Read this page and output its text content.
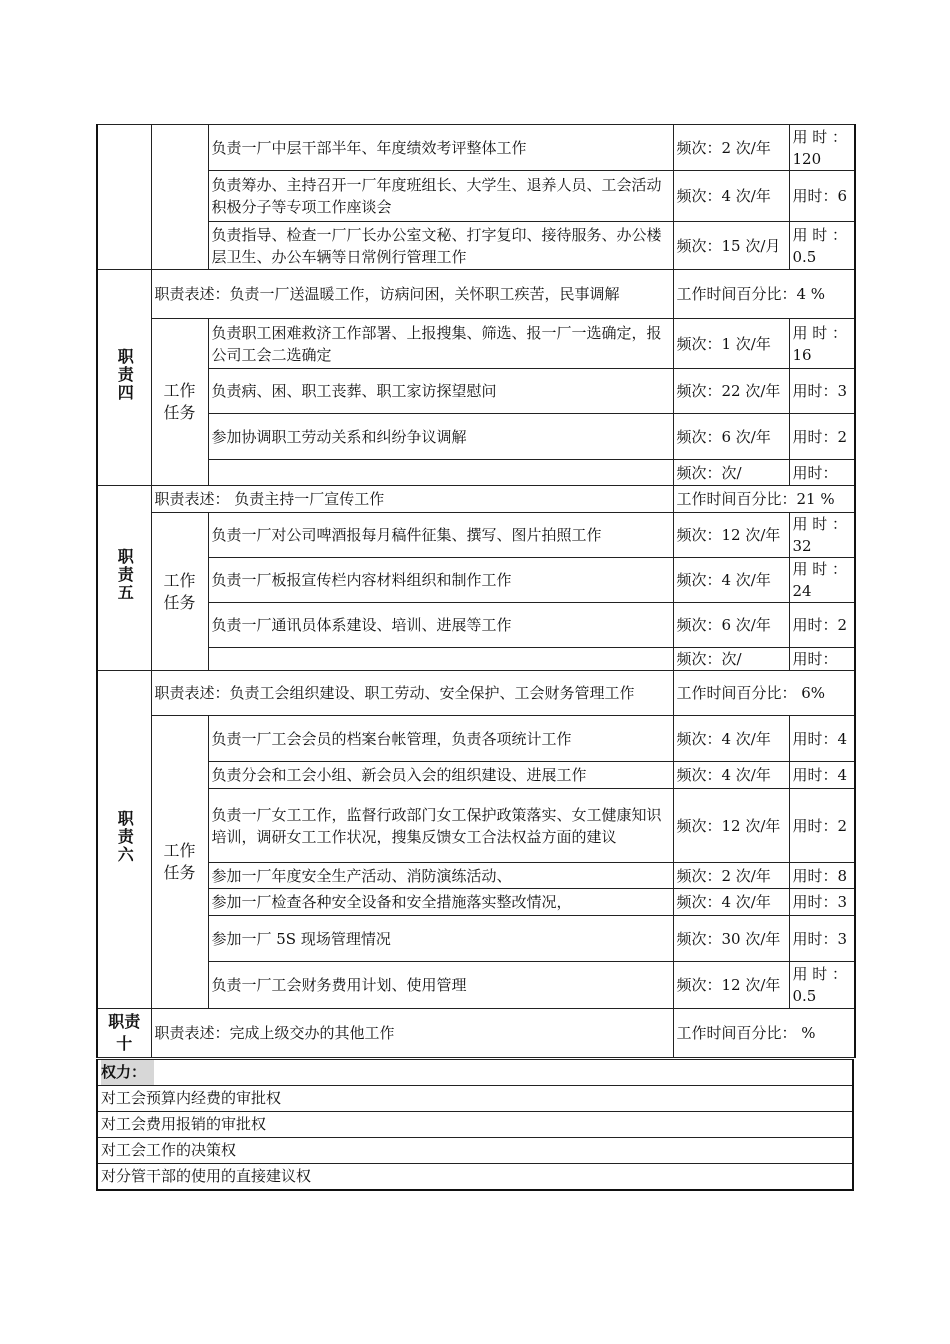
		负责一厂中层干部半年、年度绩效考评整体工作	频次：2 次/年	用 时 ：120
		负责筹办、主持召开一厂年度班组长、大学生、退养人员、工会活动积极分子等专项工作座谈会	频次：4 次/年	用时：6
		负责指导、检查一厂厂长办公室文秘、打字复印、接待服务、办公楼层卫生、办公车辆等日常例行管理工作	频次：15 次/月	用 时 ：0.5
职责四	职责表述：负责一厂送温暖工作，访病问困，关怀职工疾苦，民事调解		工作时间百分比：4 %	
	工作任务	负责职工困难救济工作部署、上报搜集、筛选、报一厂一选确定，报公司工会二选确定	频次：1 次/年	用 时 ：16
		负责病、困、职工丧葬、职工家访探望慰问	频次：22 次/年	用时：3
		参加协调职工劳动关系和纠纷争议调解	频次：6 次/年	用时：2
			频次：次/	用时：
职责五	职责表述： 负责主持一厂宣传工作		工作时间百分比：21 %	
	工作任务	负责一厂对公司啤酒报每月稿件征集、撰写、图片拍照工作	频次：12 次/年	用 时 ：32
		负责一厂板报宣传栏内容材料组织和制作工作	频次：4 次/年	用 时 ：24
		负责一厂通讯员体系建设、培训、进展等工作	频次：6 次/年	用时：2
			频次：次/	用时：
职责六	职责表述：负责工会组织建设、职工劳动、安全保护、工会财务管理工作		工作时间百分比： 6%	
	工作任务	负责一厂工会会员的档案台帐管理，负责各项统计工作	频次：4 次/年	用时：4
		负责分会和工会小组、新会员入会的组织建设、进展工作	频次：4 次/年	用时：4
		负责一厂女工工作，监督行政部门女工保护政策落实、女工健康知识培训，调研女工工作状况，搜集反馈女工合法权益方面的建议	频次：12 次/年	用时：2
		参加一厂年度安全生产活动、消防演练活动、	频次：2 次/年	用时：8
		参加一厂检查各种安全设备和安全措施落实整改情况，	频次：4 次/年	用时：3
		参加一厂 5S 现场管理情况	频次：30 次/年	用时：3
		负责一厂工会财务费用计划、使用管理	频次：12 次/年	用 时 ：0.5
职责十	职责表述：完成上级交办的其他工作		工作时间百分比： %	
权力：
对工会预算内经费的审批权
对工会费用报销的审批权
对工会工作的决策权
对分管干部的使用的直接建议权
